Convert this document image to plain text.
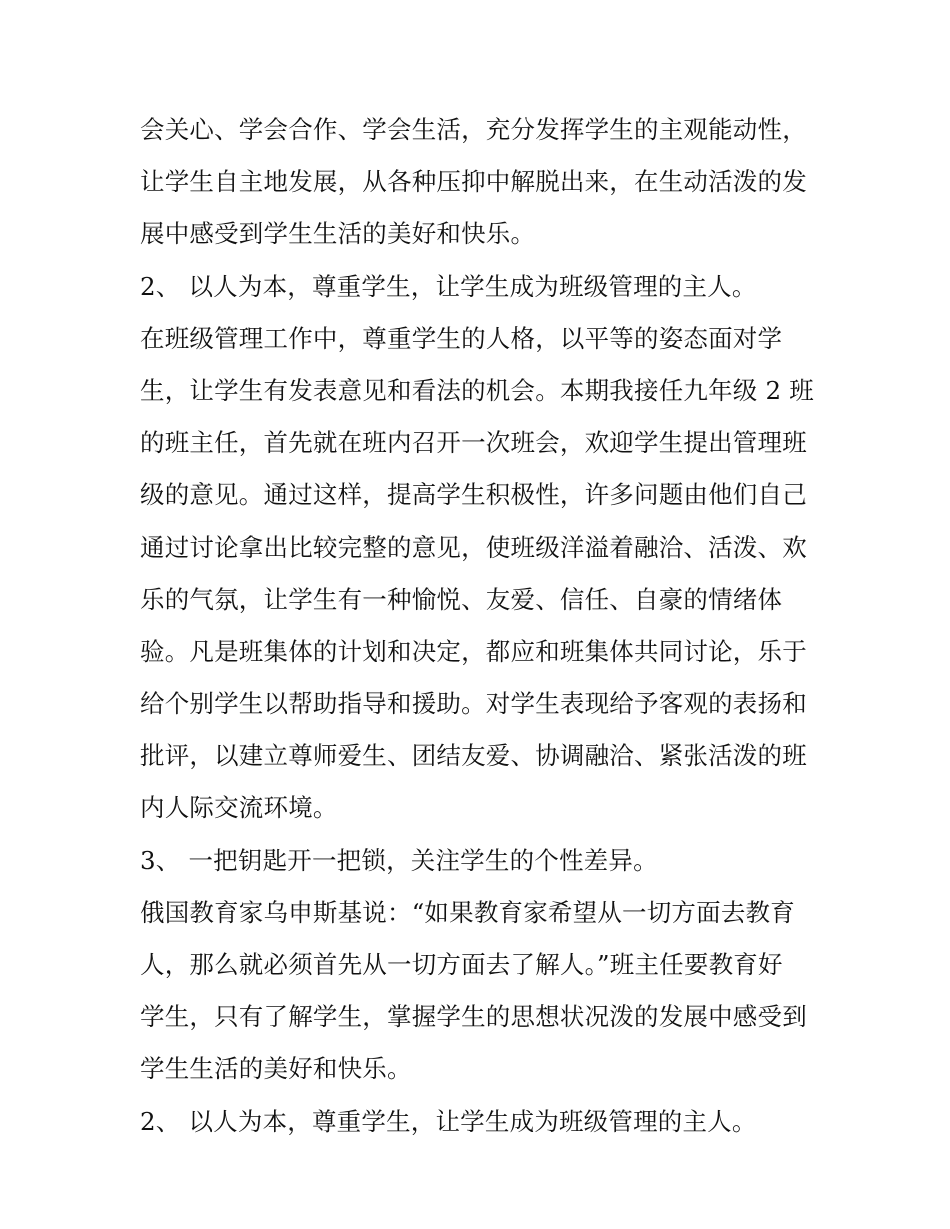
会关心、学会合作、学会生活，充分发挥学生的主观能动性，
让学生自主地发展，从各种压抑中解脱出来，在生动活泼的发
展中感受到学生生活的美好和快乐。
2、 以人为本，尊重学生，让学生成为班级管理的主人。
在班级管理工作中，尊重学生的人格，以平等的姿态面对学
生，让学生有发表意见和看法的机会。本期我接任九年级 2 班
的班主任，首先就在班内召开一次班会，欢迎学生提出管理班
级的意见。通过这样，提高学生积极性，许多问题由他们自己
通过讨论拿出比较完整的意见，使班级洋溢着融洽、活泼、欢
乐的气氛，让学生有一种愉悦、友爱、信任、自豪的情绪体
验。凡是班集体的计划和决定，都应和班集体共同讨论，乐于
给个别学生以帮助指导和援助。对学生表现给予客观的表扬和
批评，以建立尊师爱生、团结友爱、协调融洽、紧张活泼的班
内人际交流环境。
3、 一把钥匙开一把锁，关注学生的个性差异。
俄国教育家乌申斯基说：“如果教育家希望从一切方面去教育
人，那么就必须首先从一切方面去了解人。”班主任要教育好
学生，只有了解学生，掌握学生的思想状况泼的发展中感受到
学生生活的美好和快乐。
2、 以人为本，尊重学生，让学生成为班级管理的主人。
